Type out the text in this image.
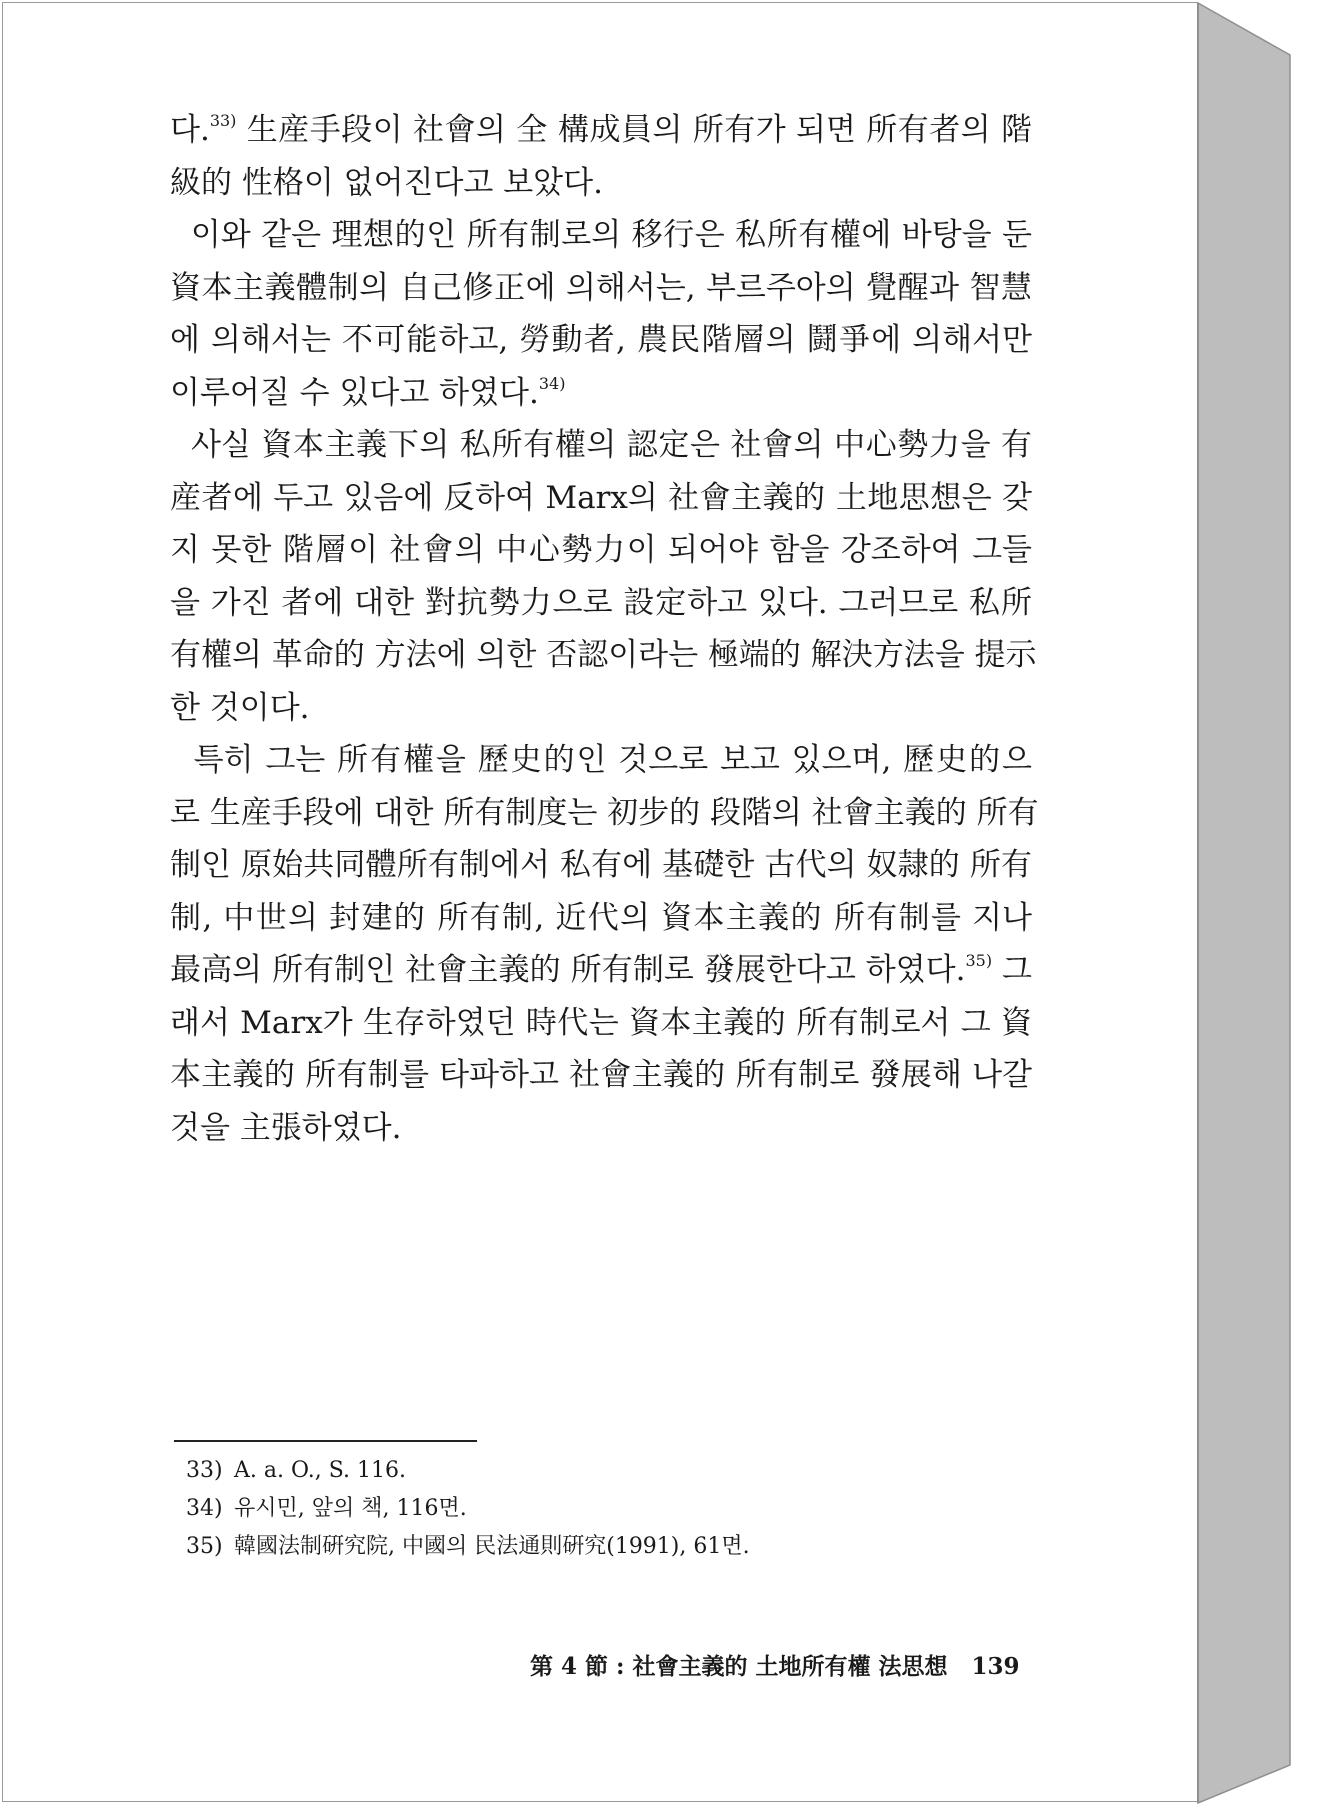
다.$^{33)}$ 生産手段이 社會의 全 構成員의 所有가 되면 所有者의 階
級的 性格이 없어진다고 보았다.
이와 같은 理想的인 所有制로의 移行은 私所有權에 바탕을 둔
資本主義體制의 自己修正에 의해서는, 부르주아의 覺醒과 智慧
에 의해서는 不可能하고, 勞動者, 農民階層의 鬪爭에 의해서만
이루어질 수 있다고 하였다.$^{34)}$
사실 資本主義下의 私所有權의 認定은 社會의 中心勢力을 有
産者에 두고 있음에 反하여 Marx의 社會主義的 土地思想은 갖
지 못한 階層이 社會의 中心勢力이 되어야 함을 강조하여 그들
을 가진 者에 대한 對抗勢力으로 設定하고 있다. 그러므로 私所
有權의 革命的 方法에 의한 否認이라는 極端的 解決方法을 提示
한 것이다.
특히 그는 所有權을 歷史的인 것으로 보고 있으며, 歷史的으
로 生産手段에 대한 所有制度는 初步的 段階의 社會主義的 所有
制인 原始共同體所有制에서 私有에 基礎한 古代의 奴隷的 所有
制, 中世의 封建的 所有制, 近代의 資本主義的 所有制를 지나
最高의 所有制인 社會主義的 所有制로 發展한다고 하였다.$^{35)}$ 그
래서 Marx가 生存하였던 時代는 資本主義的 所有制로서 그 資
本主義的 所有制를 타파하고 社會主義的 所有制로 發展해 나갈
것을 主張하였다.
33) A. a. O., S. 116.
34) 유시민, 앞의 책, 116면.
35) 韓國法制硏究院, 中國의 民法通則硏究(1991), 61면.
第 4 節 : 社會主義的 土地所有權 法思想 139
